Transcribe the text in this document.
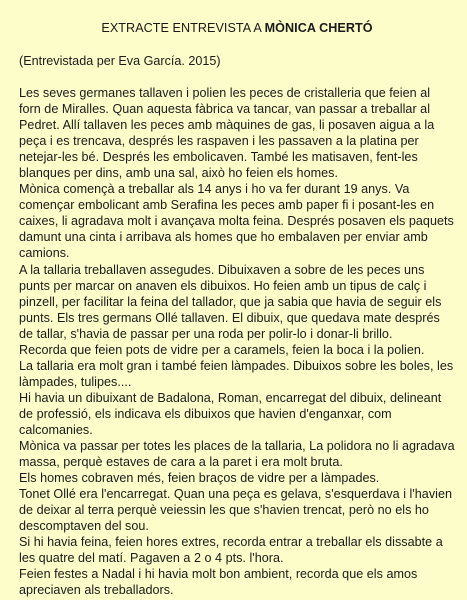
EXTRACTE ENTREVISTA A MÒNICA CHERTÓ
(Entrevistada per Eva García. 2015)

Les seves germanes tallaven i polien les peces de cristalleria que feien al forn de Miralles. Quan aquesta fàbrica va tancar, van passar a treballar al Pedret. Allí tallaven les peces amb màquines de gas, li posaven aigua a la peça i es trencava, després les raspaven i les passaven a la platina per netejar-les bé. Després les embolicaven. També les matisaven, fent-les blanques per dins, amb una sal, això ho feien els homes.

Mònica començà a treballar als 14 anys i ho va fer durant 19 anys. Va començar embolicant amb Serafina les peces amb paper fi i posant-les en caixes, li agradava molt i avançava molta feina. Després posaven els paquets damunt una cinta i arribava als homes que ho embalaven per enviar amb camions.

A la tallaria treballaven assegudes. Dibuixaven a sobre de les peces uns punts per marcar on anaven els dibuixos. Ho feien amb un tipus de calç i pinzell, per facilitar la feina del tallador, que ja sabia que havia de seguir els punts. Els tres germans Ollé tallaven. El dibuix, que quedava mate després de tallar, s'havia de passar per una roda per polir-lo i donar-li brillo.

Recorda que feien pots de vidre per a caramels, feien la boca i la polien.

La tallaria era molt gran i també feien làmpades. Dibuixos sobre les boles, les làmpades, tulipes....

Hi havia un dibuixant de Badalona, Roman, encarregat del dibuix, delineant de professió, els indicava els dibuixos que havien d'enganxar, com calcomanies.

Mònica va passar per totes les places de la tallaria, La polidora no li agradava massa, perquè estaves de cara a la paret i era molt bruta.

Els homes cobraven més, feien braços de vidre per a làmpades.

Tonet Ollé era l'encarregat. Quan una peça es gelava, s'esquerdava i l'havien de deixar al terra perquè veiessin les que s'havien trencat, però no els ho descomptaven del sou.

Si hi havia feina, feien hores extres, recorda entrar a treballar els dissabte a les quatre del matí. Pagaven a 2 o 4 pts. l'hora.

Feien festes a Nadal i hi havia molt bon ambient, recorda que els amos apreciaven als treballadors.
